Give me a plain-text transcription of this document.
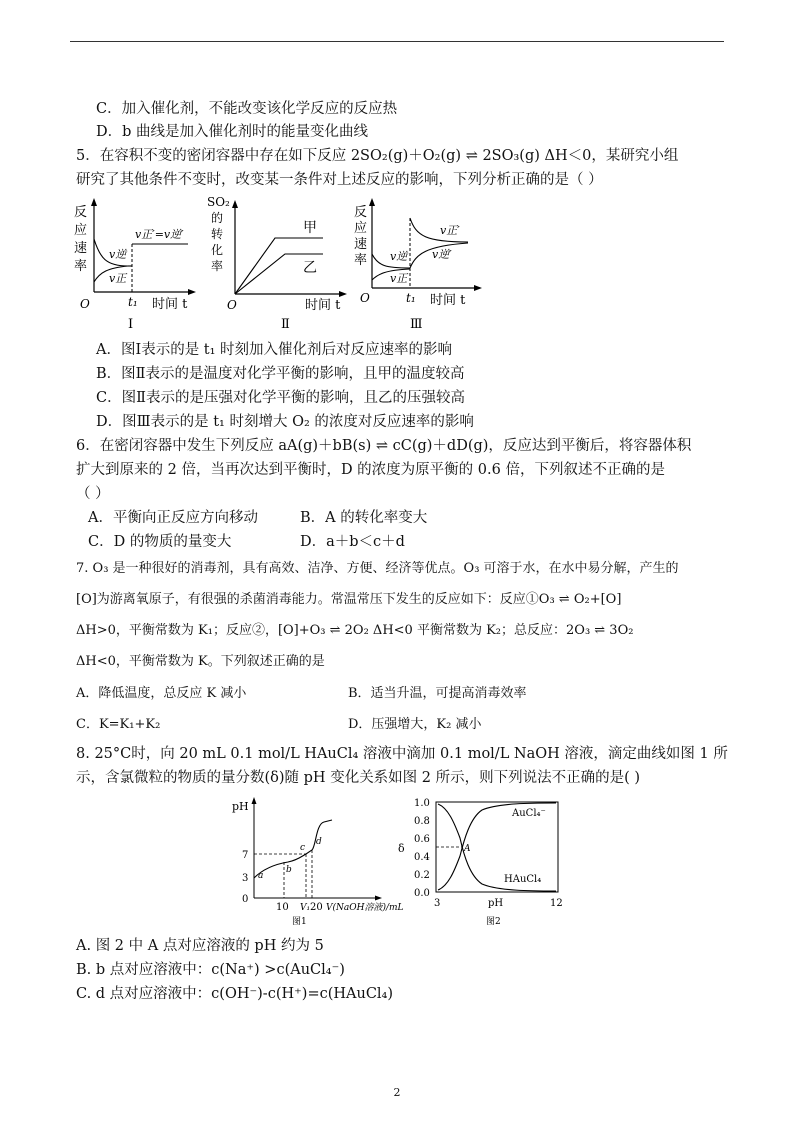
C．加入催化剂，不能改变该化学反应的反应热
D．b 曲线是加入催化剂时的能量变化曲线
5．在容积不变的密闭容器中存在如下反应 2SO₂(g)＋O₂(g) ⇌ 2SO₃(g) ΔH＜0，某研究小组
研究了其他条件不变时，改变某一条件对上述反应的影响，下列分析正确的是（ ）
反
应
速
率
v正′=v逆′
v逆
v正
O	t₁ 时间 t
Ⅰ
SO₂
的
转
化
率
甲
乙
O	时间 t
Ⅱ
反
应
速
率
v正′
v逆′
v逆
v正
O	t₁ 时间 t
Ⅲ
A．图Ⅰ表示的是 t₁ 时刻加入催化剂后对反应速率的影响
B．图Ⅱ表示的是温度对化学平衡的影响，且甲的温度较高
C．图Ⅱ表示的是压强对化学平衡的影响，且乙的压强较高
D．图Ⅲ表示的是 t₁ 时刻增大 O₂ 的浓度对反应速率的影响
6．在密闭容器中发生下列反应 aA(g)＋bB(s) ⇌ cC(g)＋dD(g)，反应达到平衡后，将容器体积
扩大到原来的 2 倍，当再次达到平衡时，D 的浓度为原平衡的 0.6 倍，下列叙述不正确的是
（ ）
A．平衡向正反应方向移动	B．A 的转化率变大
C．D 的物质的量变大	D．a＋b＜c＋d
7. O₃ 是一种很好的消毒剂，具有高效、洁净、方便、经济等优点。O₃ 可溶于水，在水中易分解，产生的
[O]为游离氧原子，有很强的杀菌消毒能力。常温常压下发生的反应如下：反应①O₃ ⇌ O₂+[O]
ΔH>0，平衡常数为 K₁；反应②，[O]+O₃ ⇌ 2O₂ ΔH<0 平衡常数为 K₂；总反应：2O₃ ⇌ 3O₂
ΔH<0，平衡常数为 K。下列叙述正确的是
A．降低温度，总反应 K 减小	B．适当升温，可提高消毒效率
C．K=K₁+K₂	D．压强增大，K₂ 减小
8. 25°C时，向 20 mL 0.1 mol/L HAuCl₄ 溶液中滴加 0.1 mol/L NaOH 溶液，滴定曲线如图 1 所
示，含氯微粒的物质的量分数(δ)随 pH 变化关系如图 2 所示，则下列说法不正确的是( )
pH
7
3
0
a
b
c
d
10 V₁ 20 V(NaOH溶液)/mL
图1
1.0
0.8
0.6
0.4
0.2
0.0
δ	A
AuCl₄⁻
HAuCl₄
3	pH	12
图2
A. 图 2 中 A 点对应溶液的 pH 约为 5
B. b 点对应溶液中：c(Na⁺) >c(AuCl₄⁻)
C. d 点对应溶液中：c(OH⁻)-c(H⁺)=c(HAuCl₄)
2
